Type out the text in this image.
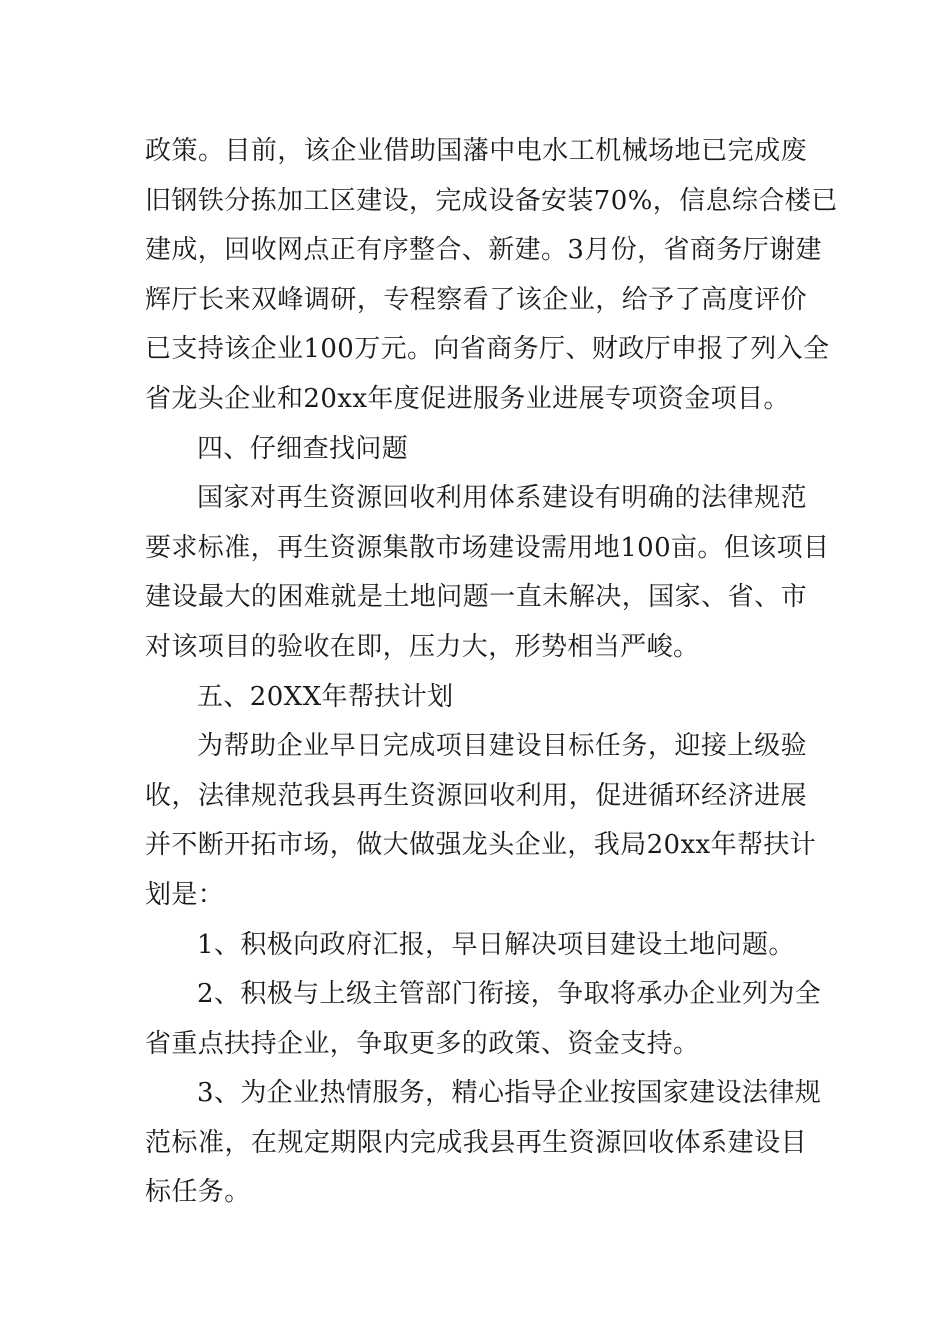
政策。目前，该企业借助国藩中电水工机械场地已完成废
旧钢铁分拣加工区建设，完成设备安装70%，信息综合楼已
建成，回收网点正有序整合、新建。3月份，省商务厅谢建
辉厅长来双峰调研，专程察看了该企业，给予了高度评价
已支持该企业100万元。向省商务厅、财政厅申报了列入全
省龙头企业和20xx年度促进服务业进展专项资金项目。
四、仔细查找问题
国家对再生资源回收利用体系建设有明确的法律规范
要求标准，再生资源集散市场建设需用地100亩。但该项目
建设最大的困难就是土地问题一直未解决，国家、省、市
对该项目的验收在即，压力大，形势相当严峻。
五、20XX年帮扶计划
为帮助企业早日完成项目建设目标任务，迎接上级验
收，法律规范我县再生资源回收利用，促进循环经济进展
并不断开拓市场，做大做强龙头企业，我局20xx年帮扶计
划是：
1、积极向政府汇报，早日解决项目建设土地问题。
2、积极与上级主管部门衔接，争取将承办企业列为全
省重点扶持企业，争取更多的政策、资金支持。
3、为企业热情服务，精心指导企业按国家建设法律规
范标准，在规定期限内完成我县再生资源回收体系建设目
标任务。
